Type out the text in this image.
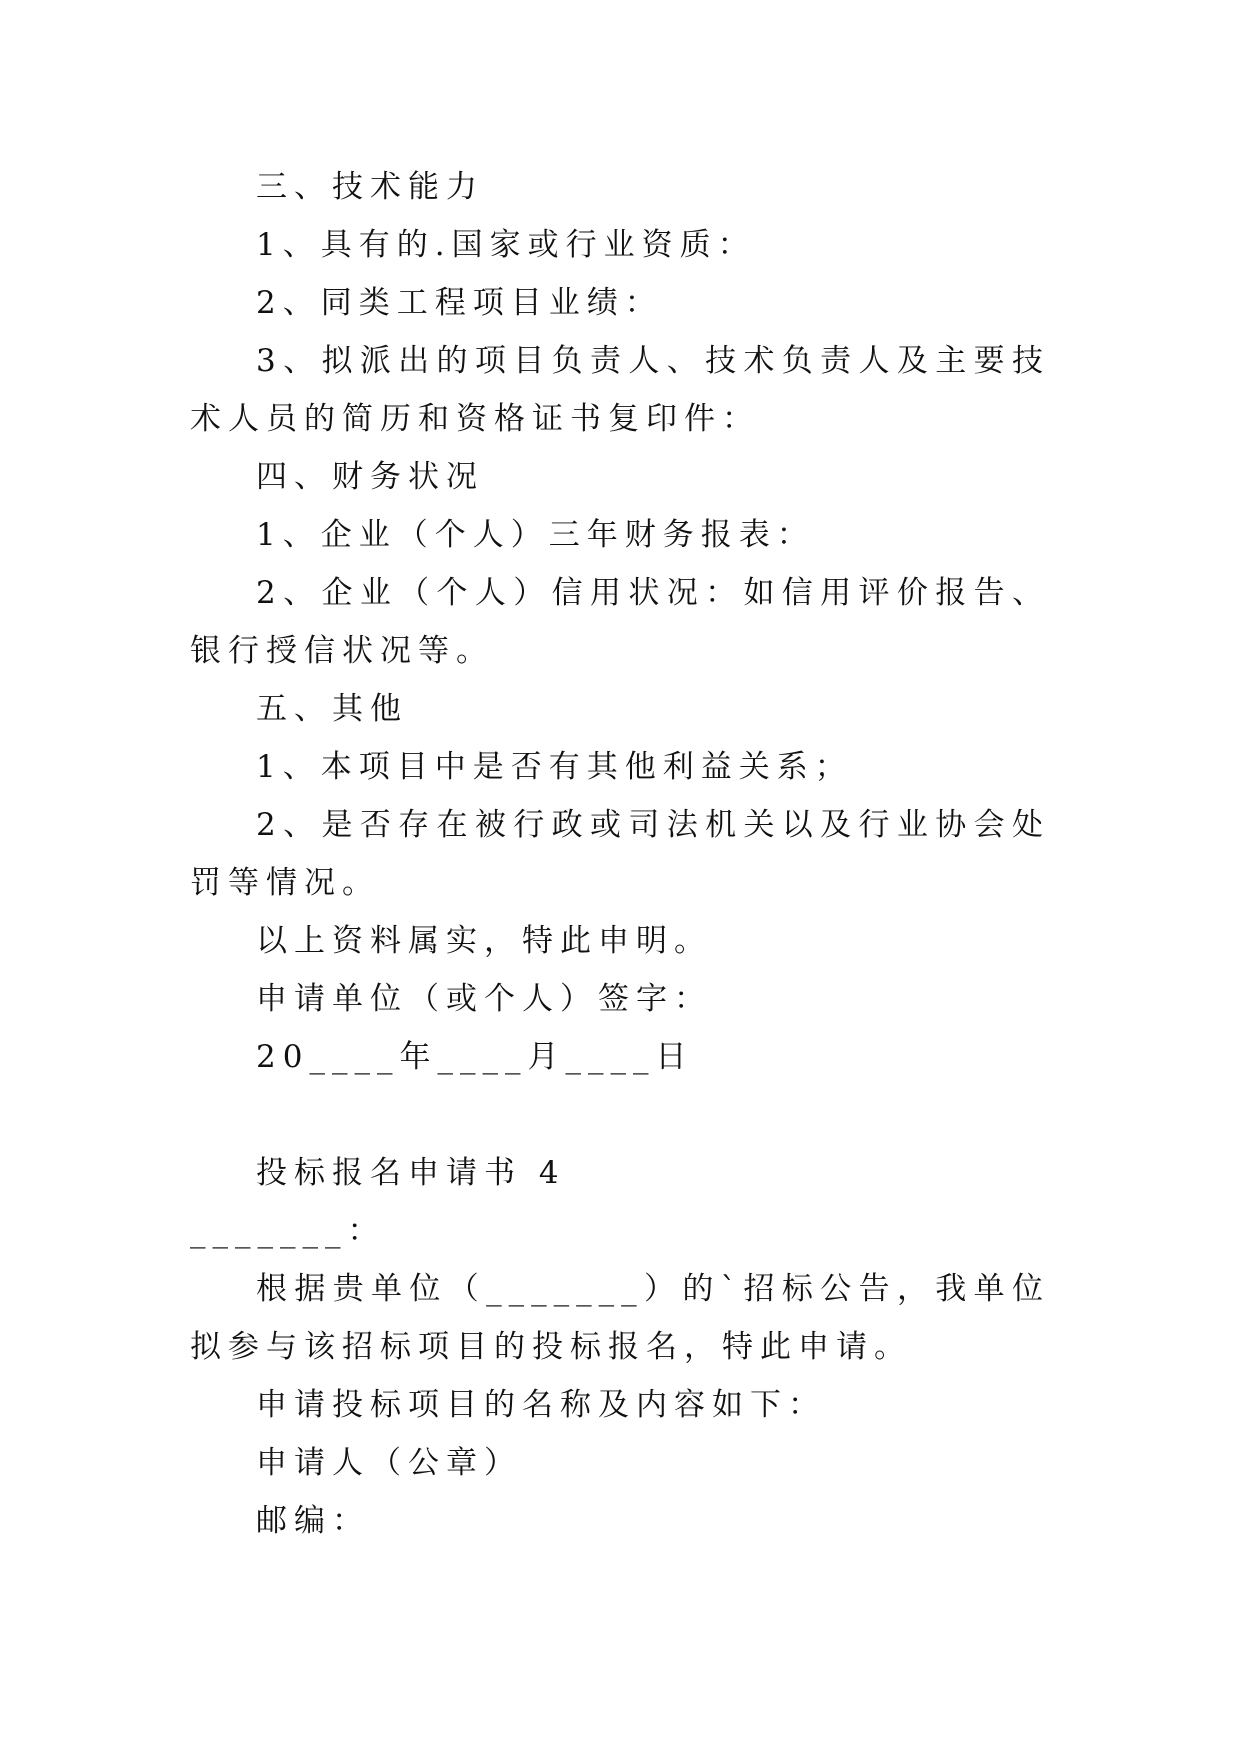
三、技术能力

1、具有的.国家或行业资质：

2、同类工程项目业绩：

3、拟派出的项目负责人、技术负责人及主要技术人员的简历和资格证书复印件：

四、财务状况

1、企业（个人）三年财务报表：

2、企业（个人）信用状况：如信用评价报告、银行授信状况等。

五、其他

1、本项目中是否有其他利益关系；

2、是否存在被行政或司法机关以及行业协会处罚等情况。

以上资料属实，特此申明。

申请单位（或个人）签字：

20____年____月____日

投标报名申请书 4

_______：

根据贵单位（_______）的`招标公告，我单位拟参与该招标项目的投标报名，特此申请。

申请投标项目的名称及内容如下：

申请人（公章）

邮编：
